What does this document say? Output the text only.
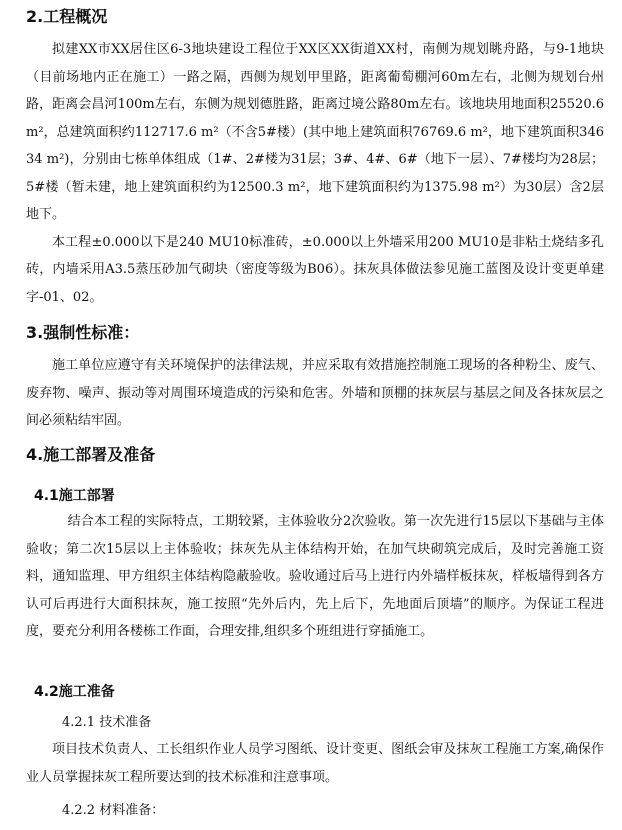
2.工程概况

拟建XX市XX居住区6-3地块建设工程位于XX区XX街道XX村，南侧为规划眺舟路，与9-1地块（目前场地内正在施工）一路之隔，西侧为规划甲里路，距离葡萄棚河60m左右，北侧为规划台州路，距离会昌河100m左右，东侧为规划德胜路，距离过境公路80m左右。该地块用地面积25520.6 m²，总建筑面积约112717.6 m²（不含5#楼）(其中地上建筑面积76769.6 m²，地下建筑面积34634 m²)，分别由七栋单体组成（1#、2#楼为31层；3#、4#、6#（地下一层）、7#楼均为28层；5#楼（暂未建，地上建筑面积约为12500.3 m²，地下建筑面积约为1375.98 m²）为30层）含2层地下。

本工程±0.000以下是240 MU10标准砖，±0.000以上外墙采用200 MU10是非粘土烧结多孔砖，内墙采用A3.5蒸压砂加气砌块（密度等级为B06）。抹灰具体做法参见施工蓝图及设计变更单建字-01、02。

3.强制性标准：

施工单位应遵守有关环境保护的法律法规，并应采取有效措施控制施工现场的各种粉尘、废气、废弃物、噪声、振动等对周围环境造成的污染和危害。外墙和顶棚的抹灰层与基层之间及各抹灰层之间必须粘结牢固。

4.施工部署及准备
4.1施工部署

结合本工程的实际特点，工期较紧，主体验收分2次验收。第一次先进行15层以下基础与主体验收；第二次15层以上主体验收；抹灰先从主体结构开始，在加气块砌筑完成后，及时完善施工资料，通知监理、甲方组织主体结构隐蔽验收。验收通过后马上进行内外墙样板抹灰，样板墙得到各方认可后再进行大面积抹灰，施工按照“先外后内，先上后下，先地面后顶墙”的顺序。为保证工程进度，要充分利用各楼栋工作面，合理安排,组织多个班组进行穿插施工。

4.2施工准备

4.2.1 技术准备

项目技术负责人、工长组织作业人员学习图纸、设计变更、图纸会审及抹灰工程施工方案,确保作业人员掌握抹灰工程所要达到的技术标准和注意事项。

4.2.2 材料准备：
